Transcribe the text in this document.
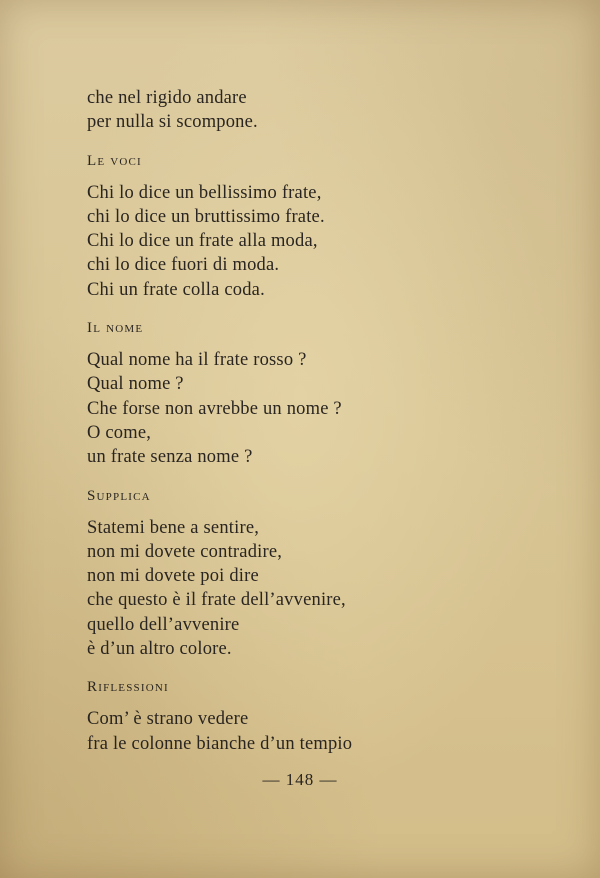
che nel rigido andare
per nulla si scompone.
Le voci
Chi lo dice un bellissimo frate,
chi lo dice un bruttissimo frate.
Chi lo dice un frate alla moda,
chi lo dice fuori di moda.
Chi un frate colla coda.
Il nome
Qual nome ha il frate rosso ?
Qual nome ?
Che forse non avrebbe un nome ?
O come,
un frate senza nome ?
Supplica
Statemi bene a sentire,
non mi dovete contradire,
non mi dovete poi dire
che questo è il frate dell’avvenire,
quello dell’avvenire
è d’un altro colore.
Riflessioni
Com’ è strano vedere
fra le colonne bianche d’un tempio
— 148 —
